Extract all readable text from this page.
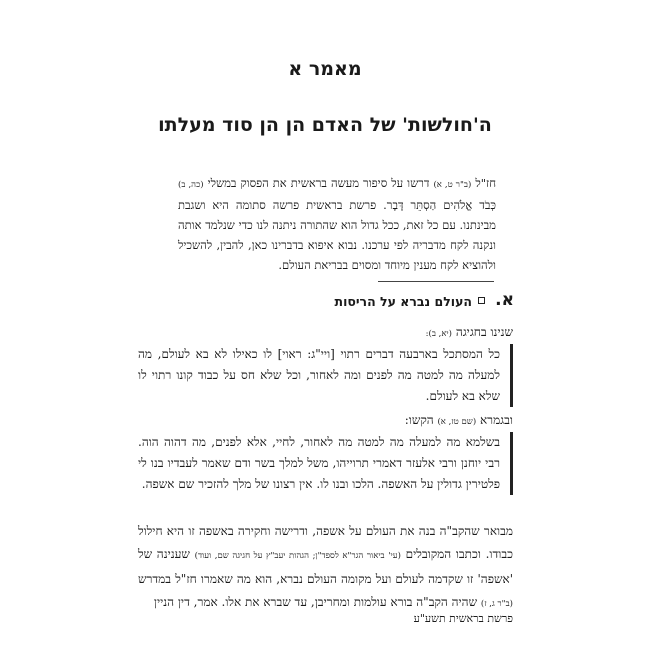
מאמר א
ה'חולשות' של האדם הן הן סוד מעלתו
חז"ל (ב"ר ט, א) דרשו על סיפור מעשה בראשית את הפסוק במשלי (כה, ב) כְּבֹד אֱלֹהִים הַסְתֵּר דָּבָר. פרשת בראשית פרשה סתומה היא ושגבת מבינתנו. עם כל זאת, ככל גדול הוא שהתורה ניתנה לנו כדי שנלמד אותה ונקנה לקח מדבריה לפי ערכנו. נבוא איפוא בדברינו כאן, להבין, להשכיל ולהוציא לקח מענין מיוחד ומסוים בבריאת העולם.
א.
העולם נברא על הריסות
שנינו בחגיגה (יא, ב):
כל המסתכל בארבעה דברים רתוי [ויי"ג: ראוי] לו כאילו לא בא לעולם, מה למעלה מה למטה מה לפנים ומה לאחור, וכל שלא חס על כבוד קונו רתוי לו שלא בא לעולם.
ובגמרא (שם טז, א) הקשו:
בשלמא מה למעלה מה למטה מה לאחור, לחיי, אלא לפנים, מה דהוה הוה. רבי יוחנן ורבי אלעזר דאמרי תרוייהו, משל למלך בשר ודם שאמר לעבדיו בנו לי פלטירין גדולין על האשפה. הלכו ובנו לו. אין רצונו של מלך להזכיר שם אשפה.
מבואר שהקב"ה בנה את העולם על אשפה, ודרישה וחקירה באשפה זו היא חילול כבודו. וכתבו המקובלים (עי' ביאור הגר"א לספד"ן; הגהות יעב"ץ על חגיגה שם, ועוד) שענינה של 'אשפה' זו שקדמה לעולם ועל מקומה העולם נברא, הוא מה שאמרו חז"ל במדרש (ב"ר ג, ז) שהיה הקב"ה בורא עולמות ומחריבן, עד שברא את אלו. אמר, דין הניין
פרשת בראשית תשע"ע
